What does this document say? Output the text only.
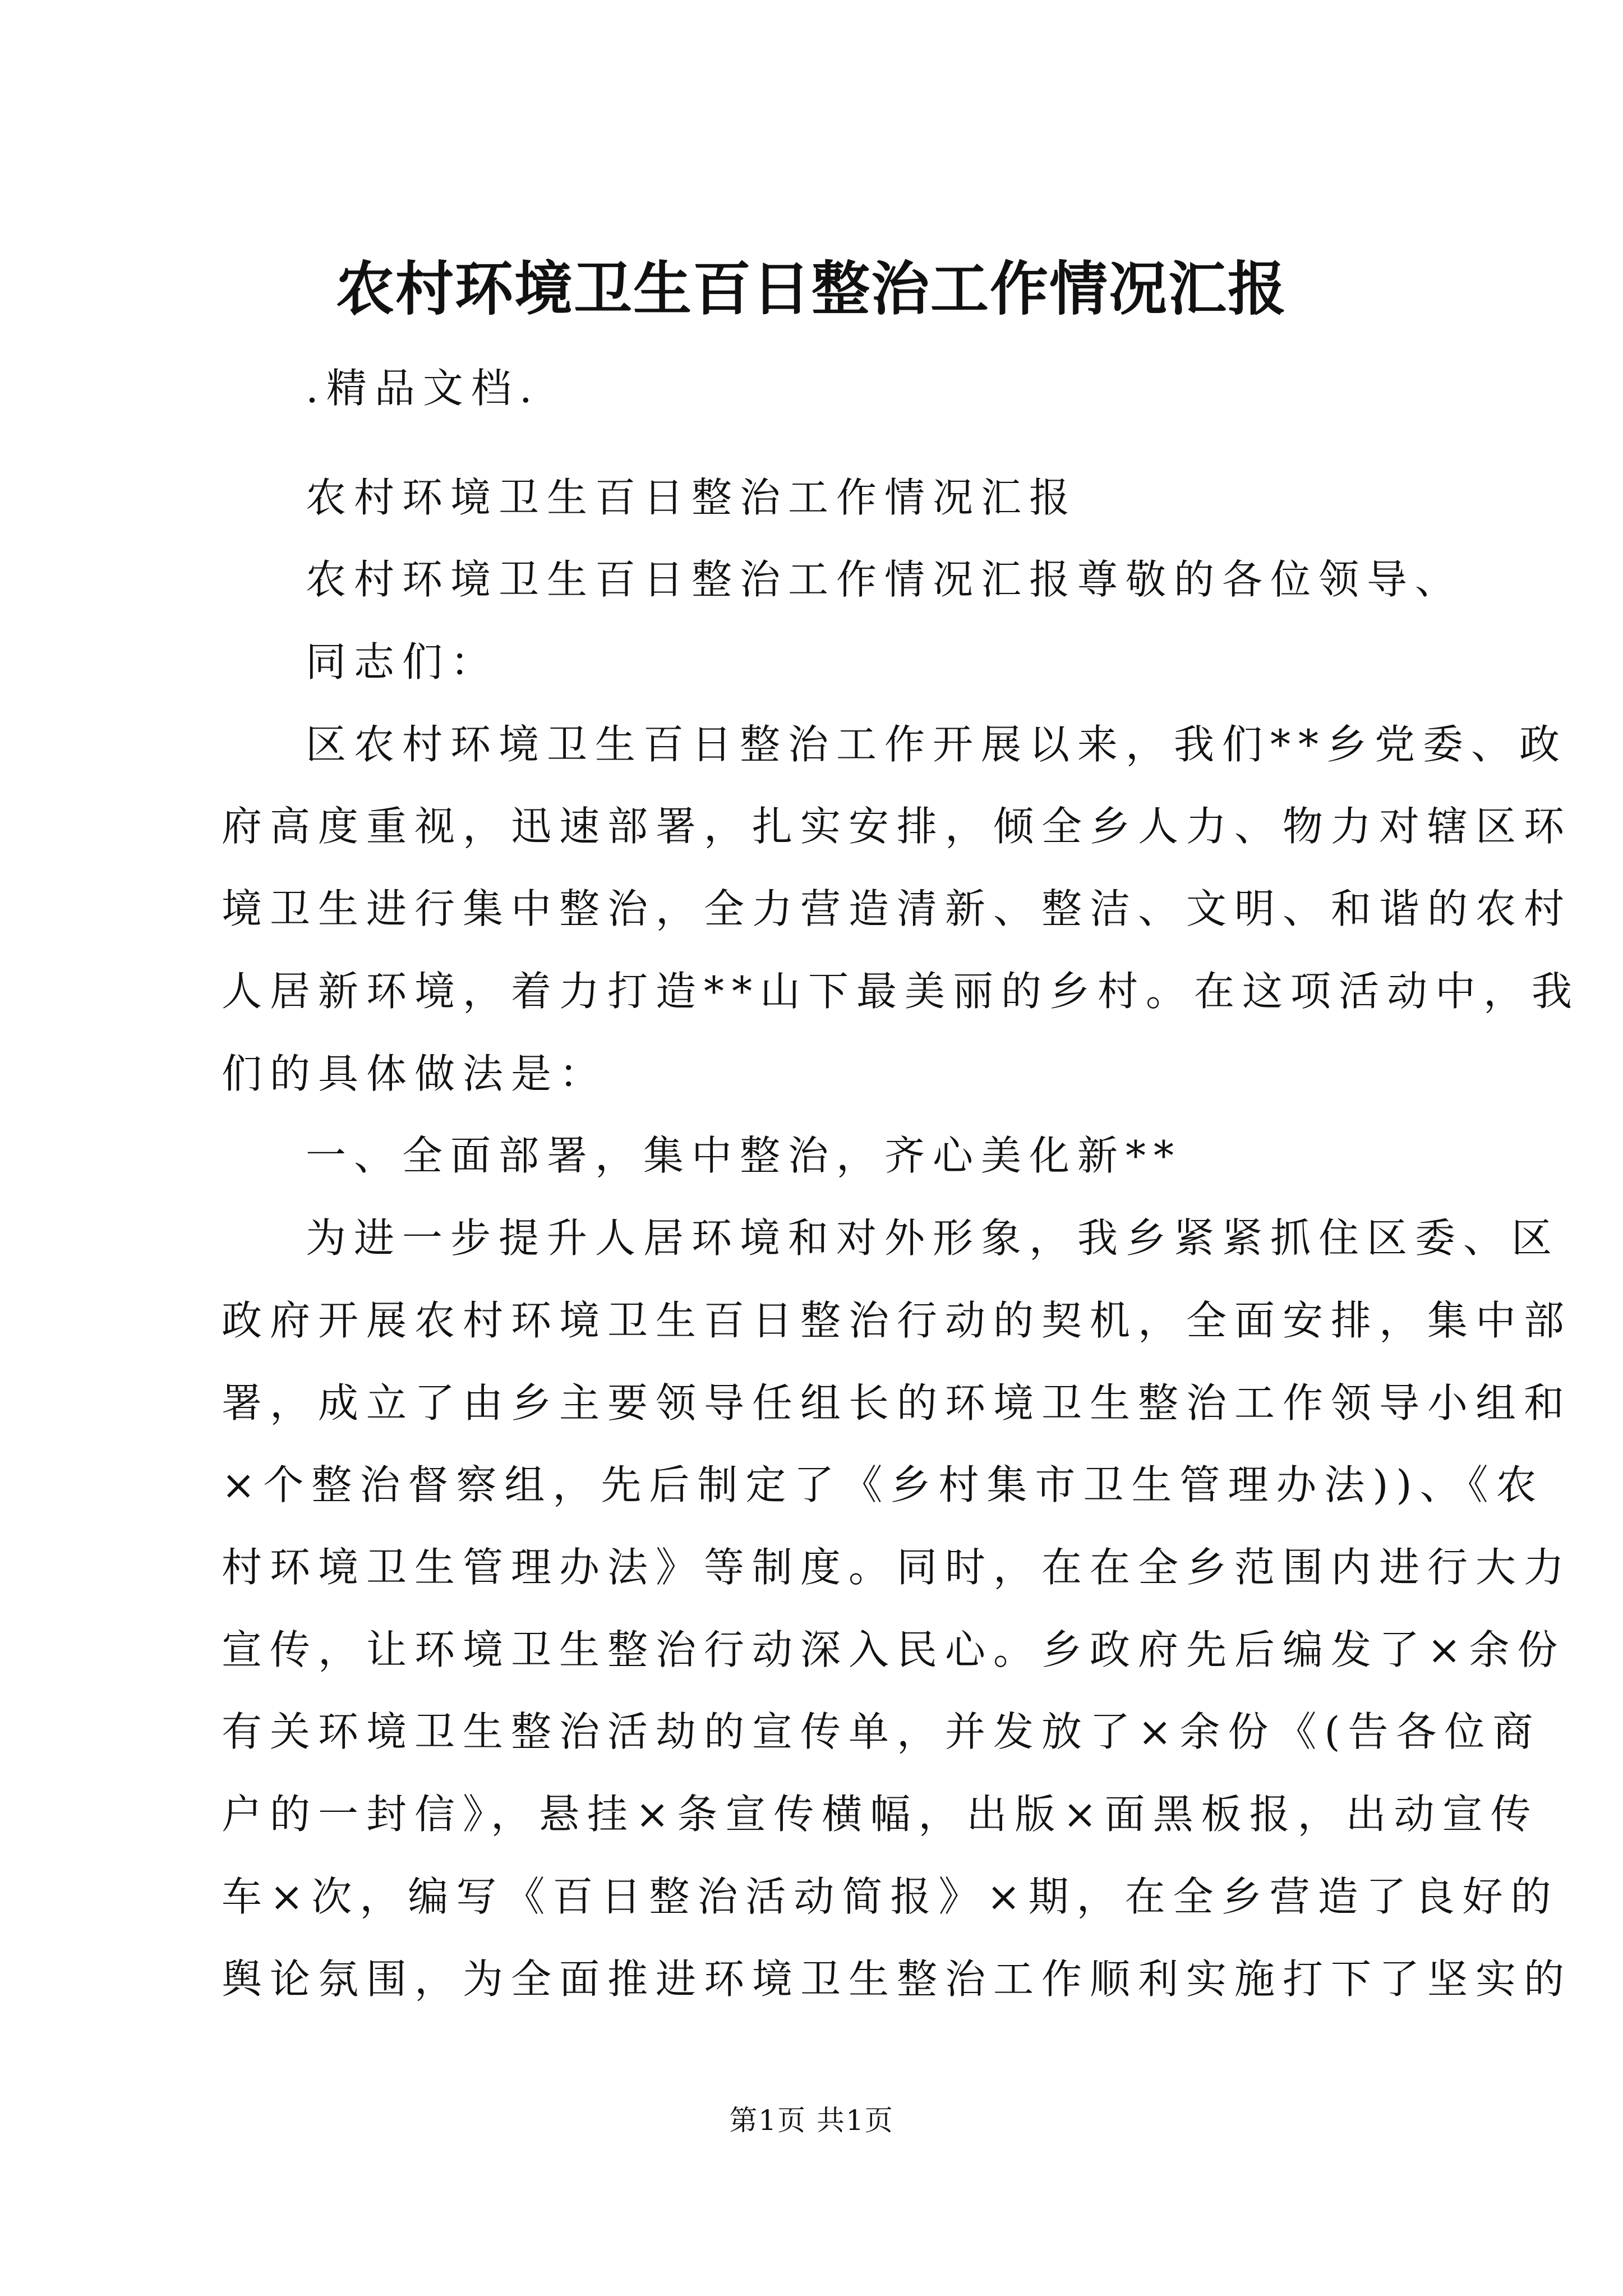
农村环境卫生百日整治工作情况汇报
.精品文档.
农村环境卫生百日整治工作情况汇报
农村环境卫生百日整治工作情况汇报尊敬的各位领导、
同志们：
区农村环境卫生百日整治工作开展以来，我们**乡党委、政
府高度重视，迅速部署，扎实安排，倾全乡人力、物力对辖区环
境卫生进行集中整治，全力营造清新、整洁、文明、和谐的农村
人居新环境，着力打造**山下最美丽的乡村。在这项活动中，我
们的具体做法是：
一、全面部署，集中整治，齐心美化新**
为进一步提升人居环境和对外形象，我乡紧紧抓住区委、区
政府开展农村环境卫生百日整治行动的契机，全面安排，集中部
署，成立了由乡主要领导任组长的环境卫生整治工作领导小组和
×个整治督察组，先后制定了《乡村集市卫生管理办法))、《农
村环境卫生管理办法》等制度。同时，在在全乡范围内进行大力
宣传，让环境卫生整治行动深入民心。乡政府先后编发了×余份
有关环境卫生整治活劫的宣传单，并发放了×余份《(告各位商
户的一封信》，悬挂×条宣传横幅，出版×面黑板报，出动宣传
车×次，编写《百日整治活动简报》×期，在全乡营造了良好的
舆论氛围，为全面推进环境卫生整治工作顺利实施打下了坚实的
第1页 共1页
